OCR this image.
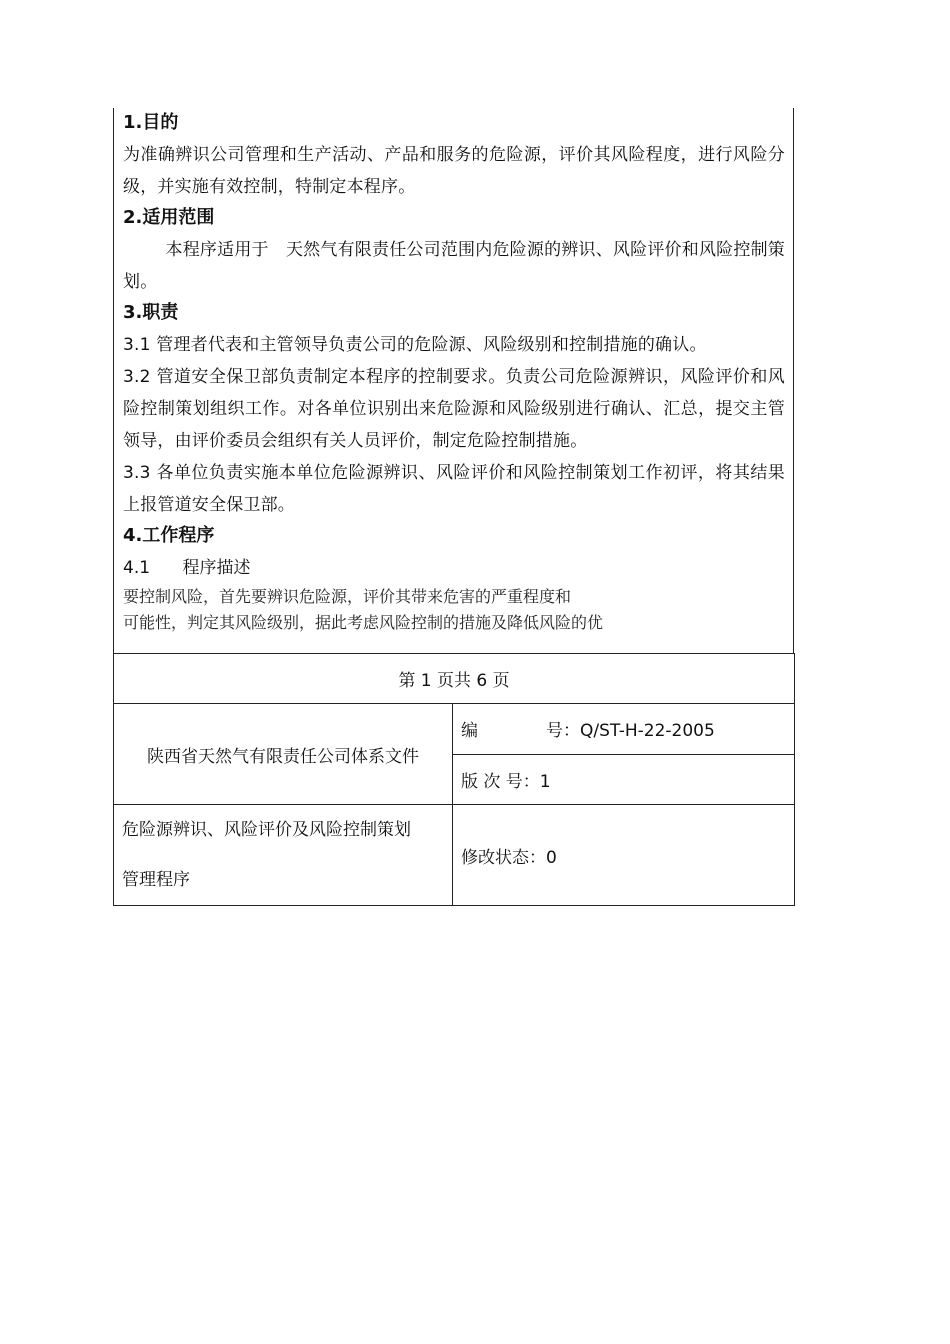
1.目的
为准确辨识公司管理和生产活动、产品和服务的危险源，评价其风险程度，进行风险分级，并实施有效控制，特制定本程序。
2.适用范围
本程序适用于　天然气有限责任公司范围内危险源的辨识、风险评价和风险控制策划。
3.职责
3.1 管理者代表和主管领导负责公司的危险源、风险级别和控制措施的确认。
3.2 管道安全保卫部负责制定本程序的控制要求。负责公司危险源辨识，风险评价和风险控制策划组织工作。对各单位识别出来危险源和风险级别进行确认、汇总，提交主管领导，由评价委员会组织有关人员评价，制定危险控制措施。
3.3 各单位负责实施本单位危险源辨识、风险评价和风险控制策划工作初评，将其结果上报管道安全保卫部。
4.工作程序
4.1      程序描述
要控制风险，首先要辨识危险源，评价其带来危害的严重程度和
可能性，判定其风险级别，据此考虑风险控制的措施及降低风险的优
第 1 页共 6 页	
陕西省天然气有限责任公司体系文件	编　　　　号：Q/ST-H-22-2005
	版 次 号：1

危险源辨识、风险评价及风险控制策划
管理程序	修改状态：0
